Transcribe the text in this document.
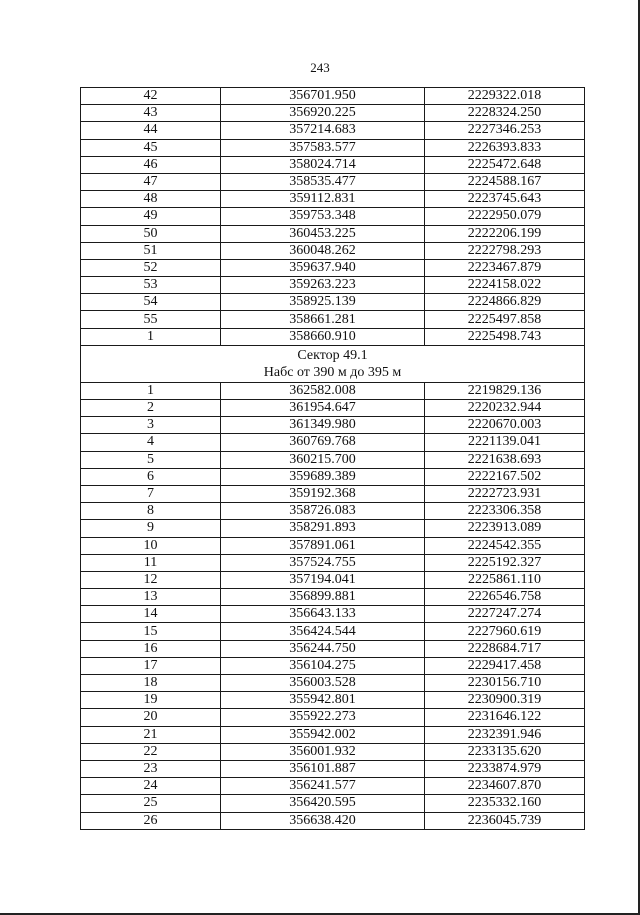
243
42	356701.950	2229322.018
43	356920.225	2228324.250
44	357214.683	2227346.253
45	357583.577	2226393.833
46	358024.714	2225472.648
47	358535.477	2224588.167
48	359112.831	2223745.643
49	359753.348	2222950.079
50	360453.225	2222206.199
51	360048.262	2222798.293
52	359637.940	2223467.879
53	359263.223	2224158.022
54	358925.139	2224866.829
55	358661.281	2225497.858
1	358660.910	2225498.743

Сектор 49.1
Набс от 390 м до 395 м		

1	362582.008	2219829.136
2	361954.647	2220232.944
3	361349.980	2220670.003
4	360769.768	2221139.041
5	360215.700	2221638.693
6	359689.389	2222167.502
7	359192.368	2222723.931
8	358726.083	2223306.358
9	358291.893	2223913.089
10	357891.061	2224542.355
11	357524.755	2225192.327
12	357194.041	2225861.110
13	356899.881	2226546.758
14	356643.133	2227247.274
15	356424.544	2227960.619
16	356244.750	2228684.717
17	356104.275	2229417.458
18	356003.528	2230156.710
19	355942.801	2230900.319
20	355922.273	2231646.122
21	355942.002	2232391.946
22	356001.932	2233135.620
23	356101.887	2233874.979
24	356241.577	2234607.870
25	356420.595	2235332.160
26	356638.420	2236045.739
